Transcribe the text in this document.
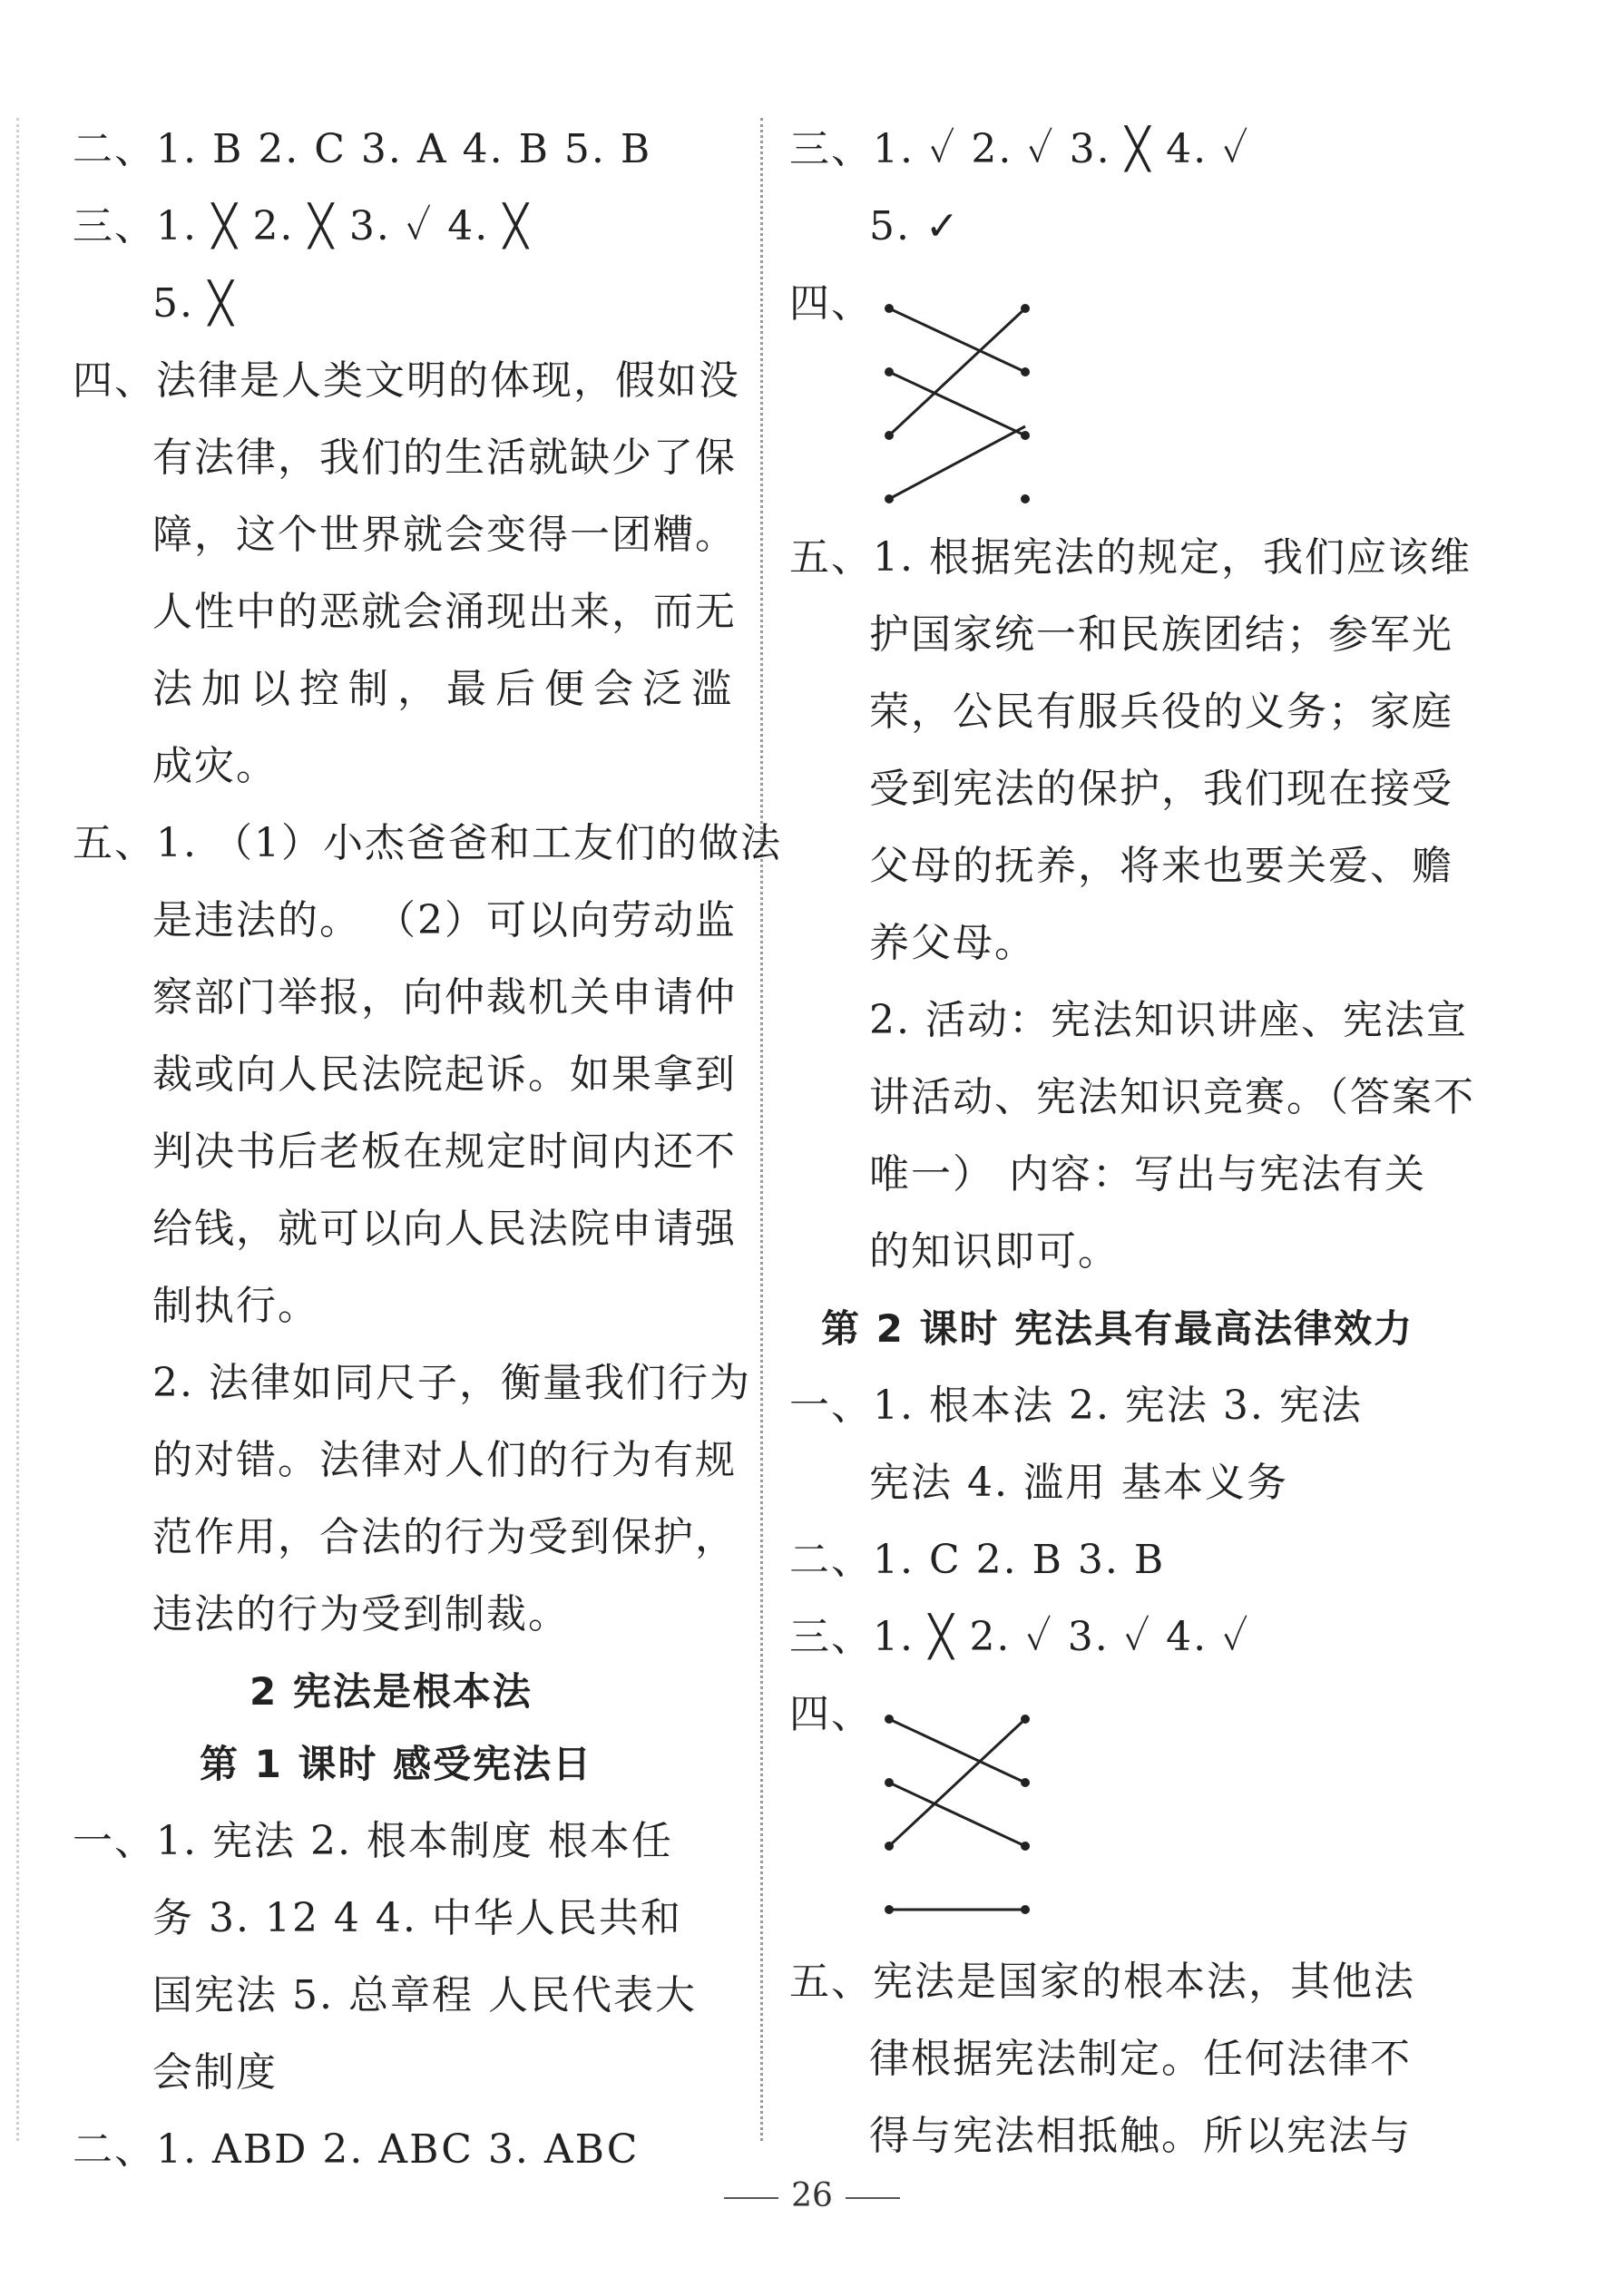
二、1. B 2. C 3. A 4. B 5. B
三、1. ╳ 2. ╳ 3. ✓ 4. ╳
5. ╳
四、法律是人类文明的体现，假如没
有法律，我们的生活就缺少了保
障，这个世界就会变得一团糟。
人性中的恶就会涌现出来，而无
法加以控制，最后便会泛滥
成灾。
五、1. （1）小杰爸爸和工友们的做法
是违法的。 （2）可以向劳动监
察部门举报，向仲裁机关申请仲
裁或向人民法院起诉。如果拿到
判决书后老板在规定时间内还不
给钱，就可以向人民法院申请强
制执行。
2. 法律如同尺子，衡量我们行为
的对错。法律对人们的行为有规
范作用，合法的行为受到保护，
违法的行为受到制裁。
2 宪法是根本法
第 1 课时 感受宪法日
一、1. 宪法 2. 根本制度 根本任
务 3. 12 4 4. 中华人民共和
国宪法 5. 总章程 人民代表大
会制度
二、1. ABD 2. ABC 3. ABC
三、1. ✓ 2. ✓ 3. ╳ 4. ✓
5. ✓
四、
五、1. 根据宪法的规定，我们应该维
护国家统一和民族团结；参军光
荣，公民有服兵役的义务；家庭
受到宪法的保护，我们现在接受
父母的抚养，将来也要关爱、赡
养父母。
2. 活动：宪法知识讲座、宪法宣
讲活动、宪法知识竞赛。（答案不
唯一） 内容：写出与宪法有关
的知识即可。
第 2 课时 宪法具有最高法律效力
一、1. 根本法 2. 宪法 3. 宪法
宪法 4. 滥用 基本义务
二、1. C 2. B 3. B
三、1. ╳ 2. ✓ 3. ✓ 4. ✓
四、
五、宪法是国家的根本法，其他法
律根据宪法制定。任何法律不
得与宪法相抵触。所以宪法与
26
